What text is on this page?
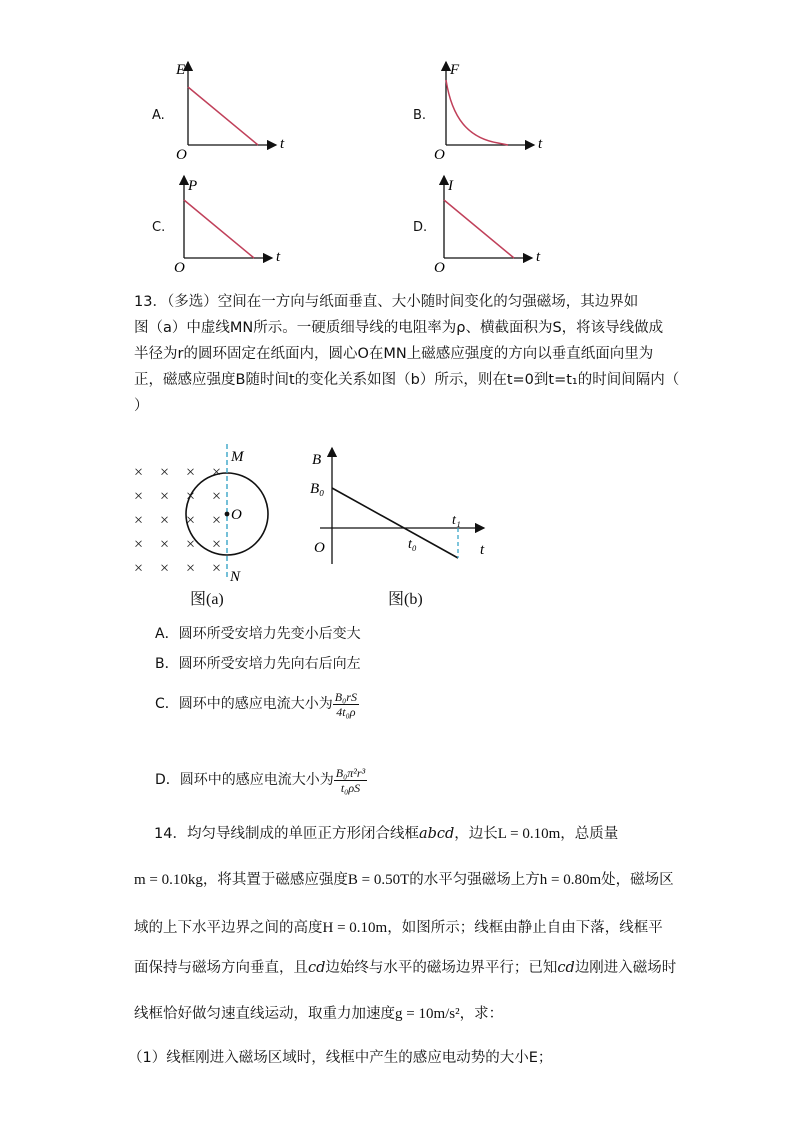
A.	B.
C.	D.
E
O
t
F
O
t
P
O
t
I
O
t
13．（多选）空间在一方向与纸面垂直、大小随时间变化的匀强磁场，其边界如
图（a）中虚线MN所示。一硬质细导线的电阻率为ρ、横截面积为S，将该导线做成
半径为r的圆环固定在纸面内，圆心O在MN上磁感应强度的方向以垂直纸面向里为
正，磁感应强度B随时间t的变化关系如图（b）所示，则在t=0到t=t₁的时间间隔内（
）
× × × ×
× × × ×
× × × ×
× × × ×
× × × ×
M
O
N
图(a)
B
B₀
O	t₀
t₁
t
图(b)
A．圆环所受安培力先变小后变大
B．圆环所受安培力先向右后向左
C．圆环中的感应电流大小为 $\frac{\text{B₀rS}}{\text{4t₀ρ}}$
D．圆环中的感应电流大小为 $\frac{\text{B₀π²r³}}{\text{t₀ρS}}$
14．均匀导线制成的单匝正方形闭合线框abcd，边长L = 0.10m，总质量
m = 0.10kg，将其置于磁感应强度B = 0.50T的水平匀强磁场上方h = 0.80m处，磁场区
域的上下水平边界之间的高度H = 0.10m，如图所示；线框由静止自由下落，线框平
面保持与磁场方向垂直，且cd边始终与水平的磁场边界平行；已知cd边刚进入磁场时
线框恰好做匀速直线运动，取重力加速度g = 10m/s²，求：
（1）线框刚进入磁场区域时，线框中产生的感应电动势的大小E；
